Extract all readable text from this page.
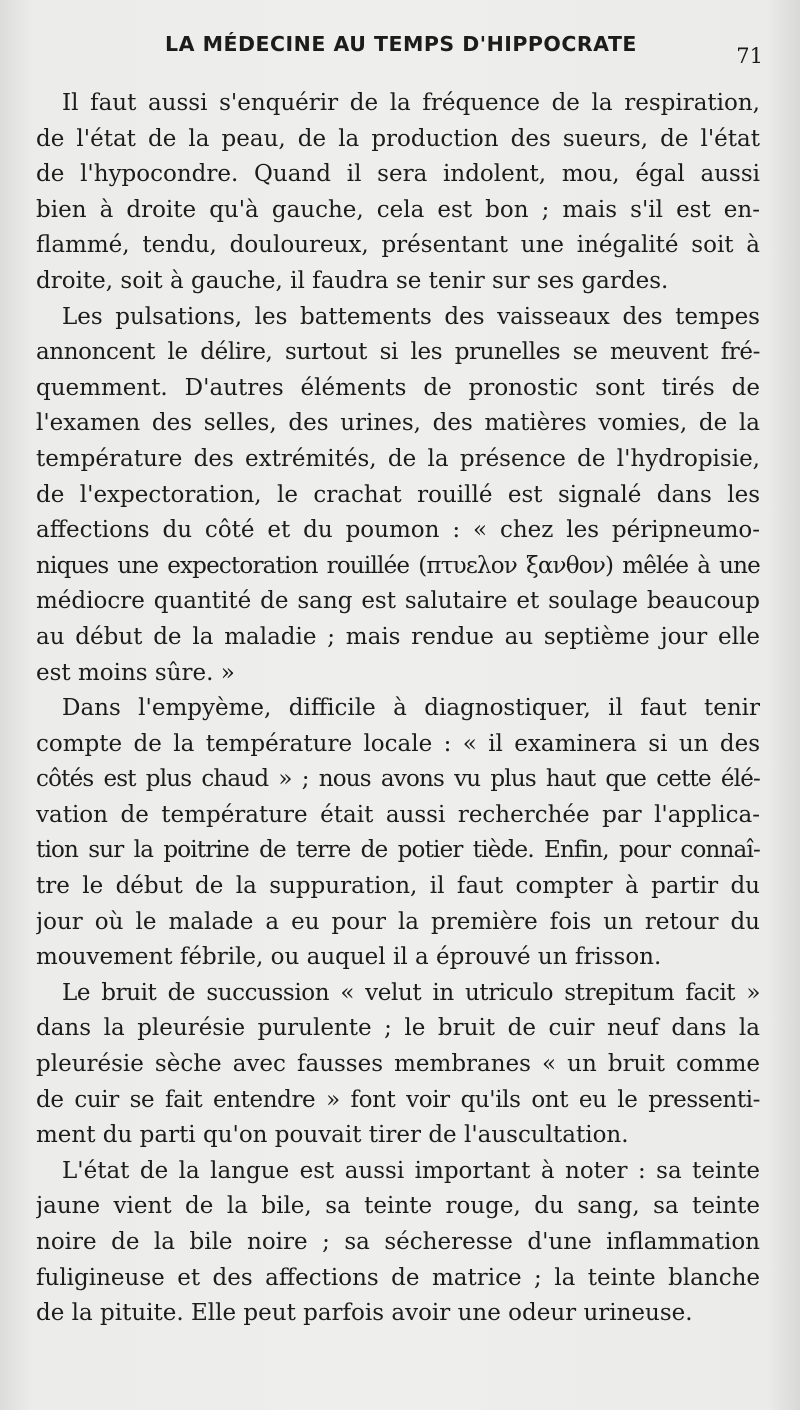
LA MÉDECINE AU TEMPS D'HIPPOCRATE	71
Il faut aussi s'enquérir de la fréquence de la respiration,
de l'état de la peau, de la production des sueurs, de l'état
de l'hypocondre. Quand il sera indolent, mou, égal aussi
bien à droite qu'à gauche, cela est bon ; mais s'il est en-
flammé, tendu, douloureux, présentant une inégalité soit à
droite, soit à gauche, il faudra se tenir sur ses gardes.
Les pulsations, les battements des vaisseaux des tempes
annoncent le délire, surtout si les prunelles se meuvent fré-
quemment. D'autres éléments de pronostic sont tirés de
l'examen des selles, des urines, des matières vomies, de la
température des extrémités, de la présence de l'hydropisie,
de l'expectoration, le crachat rouillé est signalé dans les
affections du côté et du poumon : « chez les péripneumo-
niques une expectoration rouillée (πτυελον ξανθον) mêlée à une
médiocre quantité de sang est salutaire et soulage beaucoup
au début de la maladie ; mais rendue au septième jour elle
est moins sûre. »
Dans l'empyème, difficile à diagnostiquer, il faut tenir
compte de la température locale : « il examinera si un des
côtés est plus chaud » ; nous avons vu plus haut que cette élé-
vation de température était aussi recherchée par l'applica-
tion sur la poitrine de terre de potier tiède. Enfin, pour connaî-
tre le début de la suppuration, il faut compter à partir du
jour où le malade a eu pour la première fois un retour du
mouvement fébrile, ou auquel il a éprouvé un frisson.
Le bruit de succussion « velut in utriculo strepitum facit »
dans la pleurésie purulente ; le bruit de cuir neuf dans la
pleurésie sèche avec fausses membranes « un bruit comme
de cuir se fait entendre » font voir qu'ils ont eu le pressenti-
ment du parti qu'on pouvait tirer de l'auscultation.
L'état de la langue est aussi important à noter : sa teinte
jaune vient de la bile, sa teinte rouge, du sang, sa teinte
noire de la bile noire ; sa sécheresse d'une inflammation
fuligineuse et des affections de matrice ; la teinte blanche
de la pituite. Elle peut parfois avoir une odeur urineuse.
